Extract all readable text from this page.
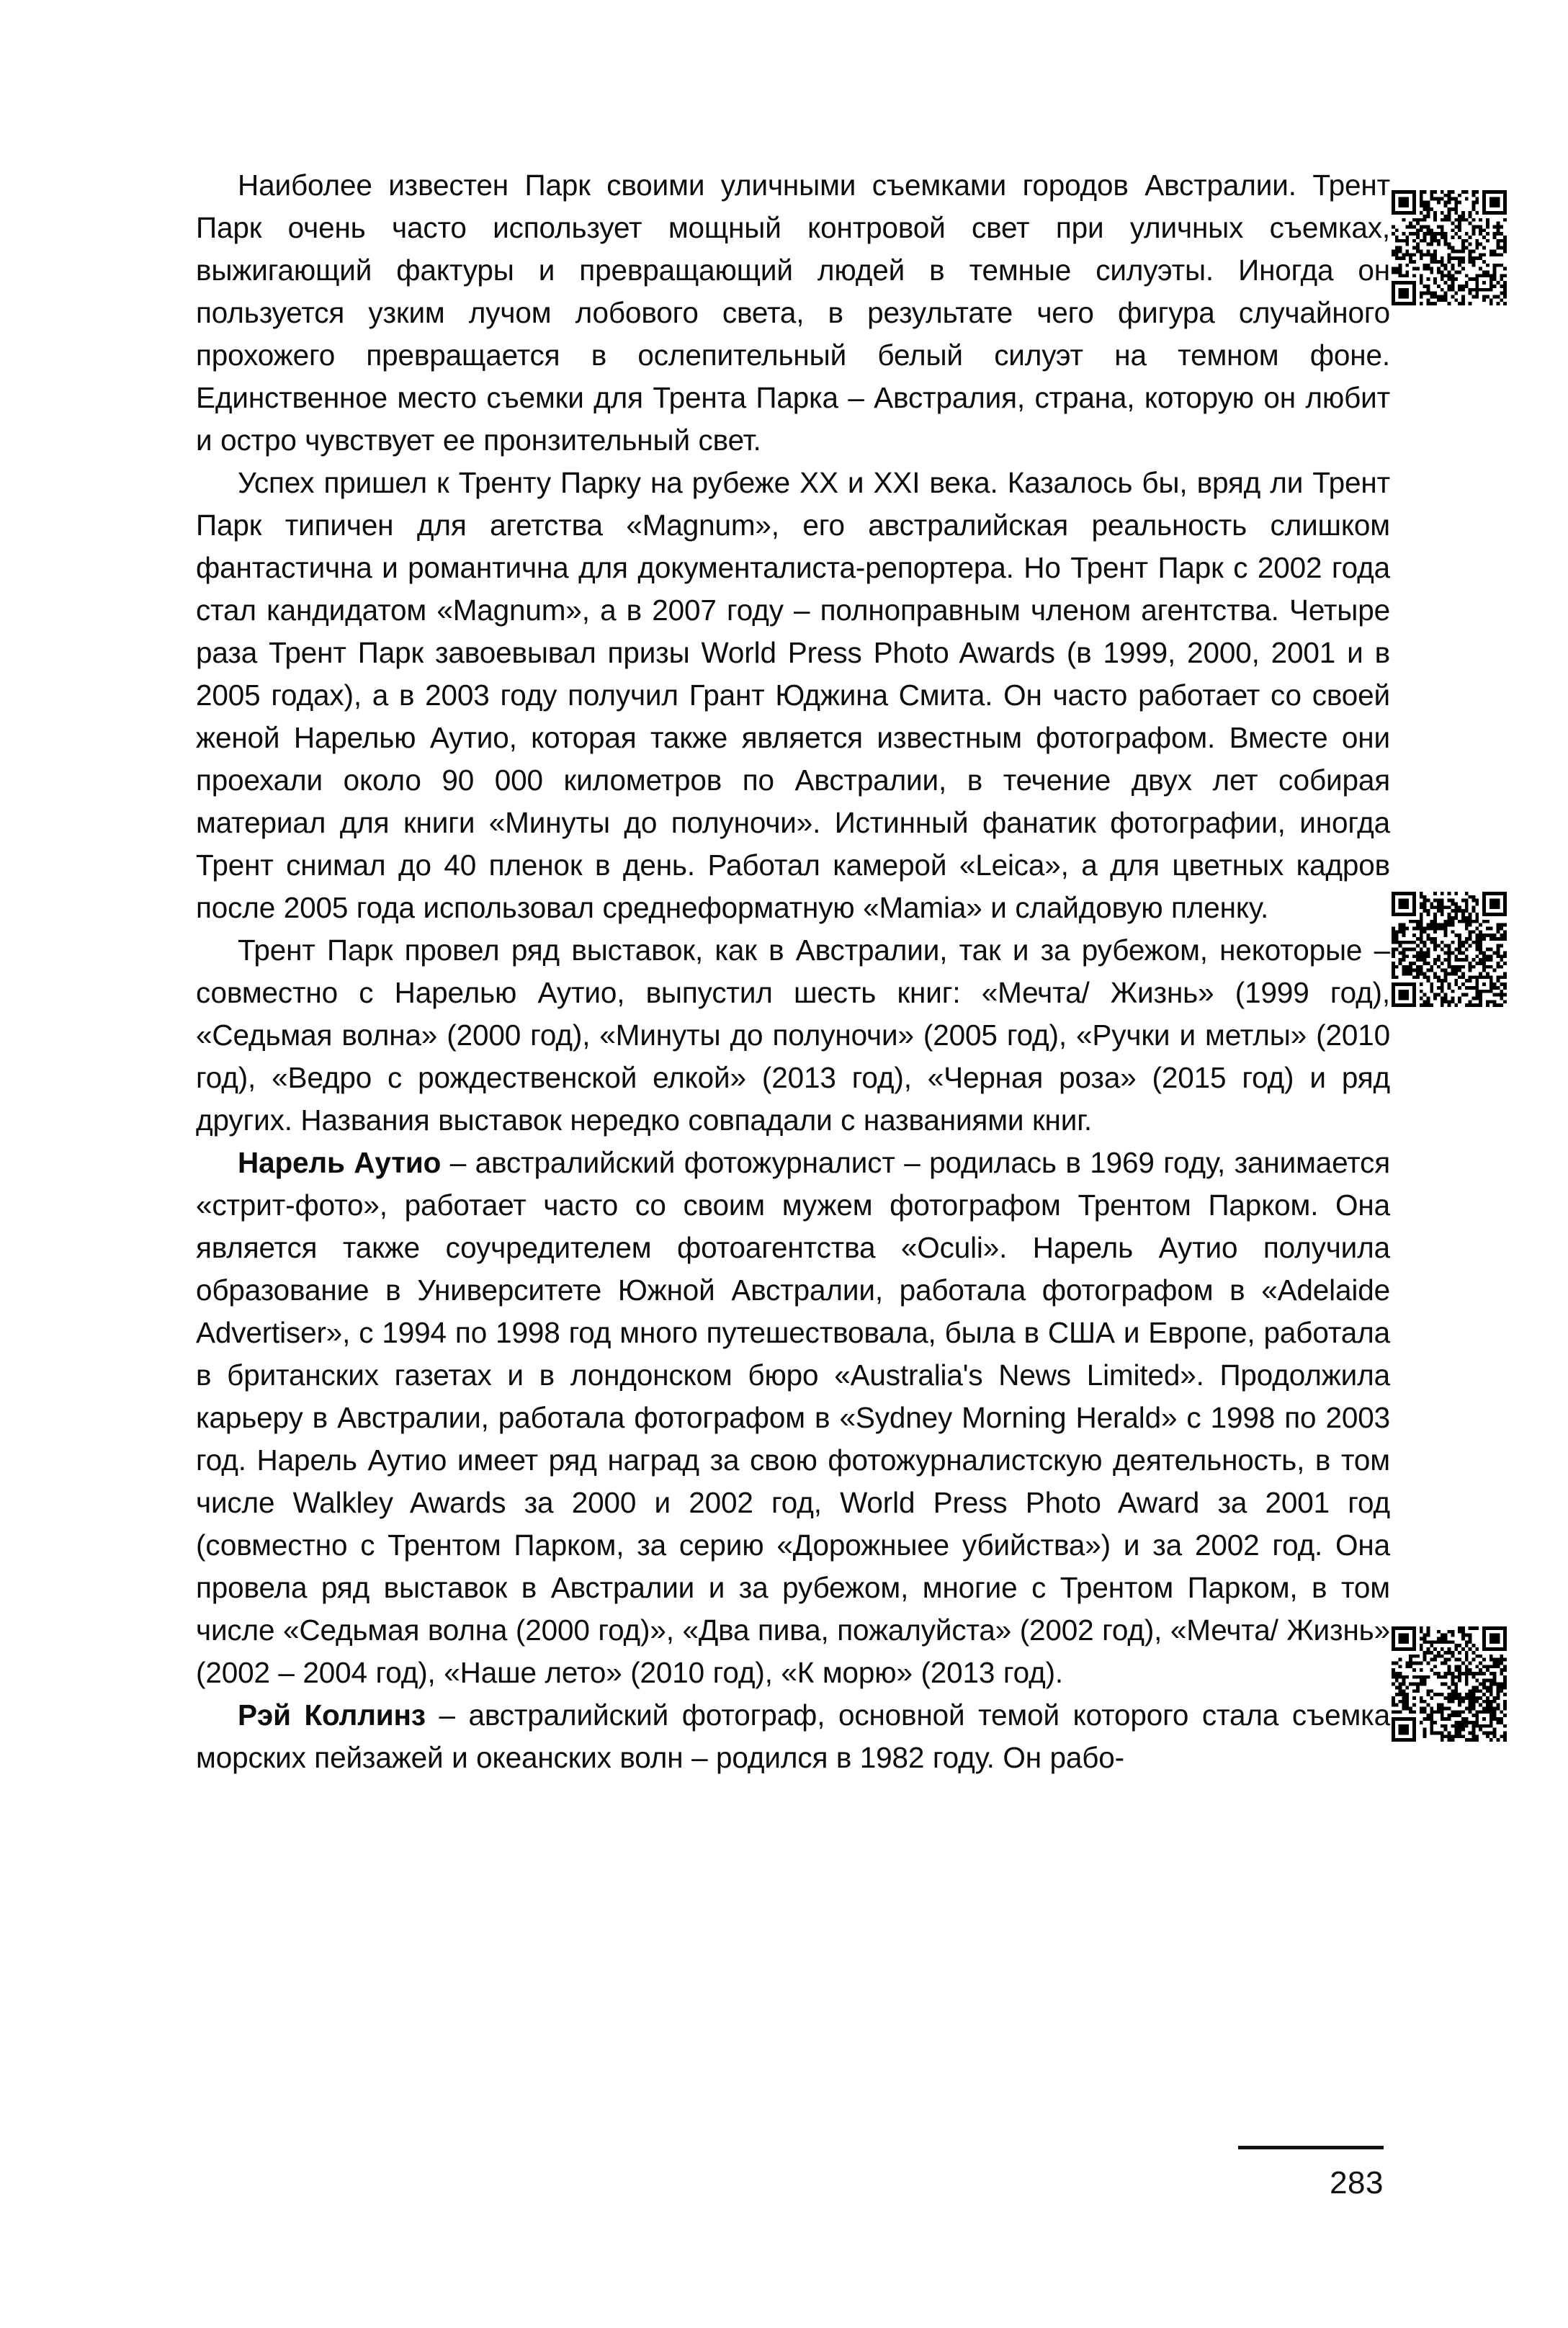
Наиболее известен Парк своими уличными съемками городов Австралии. Трент Парк очень часто использует мощный контровой свет при уличных съемках, выжигающий фактуры и превращающий людей в темные силуэты. Иногда он пользуется узким лучом лобового света, в результате чего фигура случайного прохожего превращается в ослепительный белый силуэт на темном фоне. Единственное место съемки для Трента Парка – Австралия, страна, которую он любит и остро чувствует ее пронзительный свет.

Успех пришел к Тренту Парку на рубеже XX и XXI века. Казалось бы, вряд ли Трент Парк типичен для агетства «Magnum», его австралийская реальность слишком фантастична и романтична для документалиста-репортера. Но Трент Парк с 2002 года стал кандидатом «Magnum», а в 2007 году – полноправным членом агентства. Четыре раза Трент Парк завоевывал призы World Press Photo Awards (в 1999, 2000, 2001 и в 2005 годах), а в 2003 году получил Грант Юджина Смита. Он часто работает со своей женой Нарелью Аутио, которая также является известным фотографом. Вместе они проехали около 90 000 километров по Австралии, в течение двух лет собирая материал для книги «Минуты до полуночи». Истинный фанатик фотографии, иногда Трент снимал до 40 пленок в день. Работал камерой «Leica», а для цветных кадров после 2005 года использовал среднеформатную «Mamia» и слайдовую пленку.

Трент Парк провел ряд выставок, как в Австралии, так и за рубежом, некоторые – совместно с Нарелью Аутио, выпустил шесть книг: «Мечта/ Жизнь» (1999 год), «Седьмая волна» (2000 год), «Минуты до полуночи» (2005 год), «Ручки и метлы» (2010 год), «Ведро с рождественской елкой» (2013 год), «Черная роза» (2015 год) и ряд других. Названия выставок нередко совпадали с названиями книг.

Нарель Аутио – австралийский фотожурналист – родилась в 1969 году, занимается «стрит-фото», работает часто со своим мужем фотографом Трентом Парком. Она является также соучредителем фотоагентства «Oculi». Нарель Аутио получила образование в Университете Южной Австралии, работала фотографом в «Adelaide Advertiser», с 1994 по 1998 год много путешествовала, была в США и Европе, работала в британских газетах и в лондонском бюро «Australia's News Limited». Продолжила карьеру в Австралии, работала фотографом в «Sydney Morning Herald» с 1998 по 2003 год. Нарель Аутио имеет ряд наград за свою фотожурналистскую деятельность, в том числе Walkley Awards за 2000 и 2002 год, World Press Photo Award за 2001 год (совместно с Трентом Парком, за серию «Дорожныее убийства») и за 2002 год. Она провела ряд выставок в Австралии и за рубежом, многие с Трентом Парком, в том числе «Седьмая волна (2000 год)», «Два пива, пожалуйста» (2002 год), «Мечта/ Жизнь» (2002 – 2004 год), «Наше лето» (2010 год), «К морю» (2013 год).

Рэй Коллинз – австралийский фотограф, основной темой которого стала съемка морских пейзажей и океанских волн – родился в 1982 году. Он рабо-

283
